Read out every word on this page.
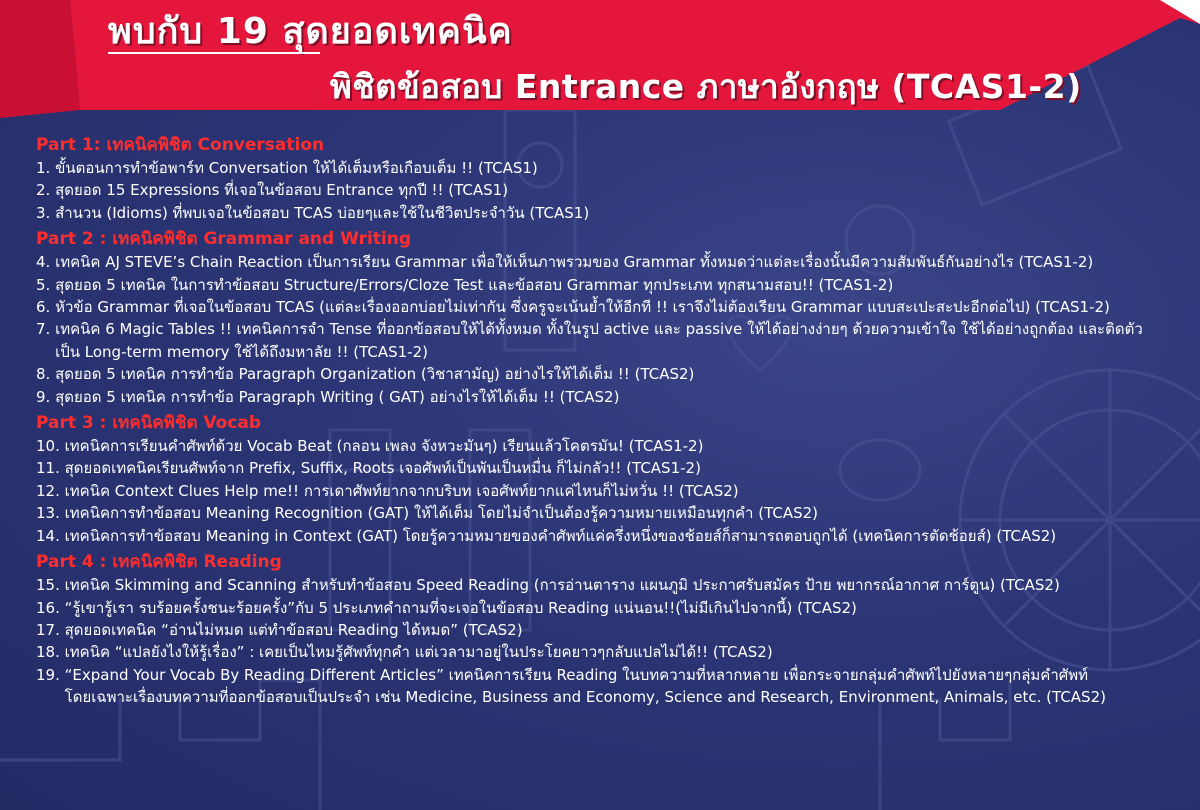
พบกับ 19 สุดยอดเทคนิค
พิชิตข้อสอบ Entrance ภาษาอังกฤษ (TCAS1-2)

Part 1: เทคนิคพิชิต Conversation

1.
ขั้นตอนการทำข้อพาร์ท Conversation ให้ได้เต็มหรือเกือบเต็ม !! (TCAS1)
2.
สุดยอด 15 Expressions ที่เจอในข้อสอบ Entrance ทุกปี !! (TCAS1)
3.
สำนวน (Idioms) ที่พบเจอในข้อสอบ TCAS บ่อยๆและใช้ในชีวิตประจำวัน (TCAS1)

Part 2 : เทคนิคพิชิต Grammar and Writing

4.
เทคนิค AJ STEVE’s Chain Reaction เป็นการเรียน Grammar เพื่อให้เห็นภาพรวมของ Grammar ทั้งหมดว่าแต่ละเรื่องนั้นมีความสัมพันธ์กันอย่างไร (TCAS1-2)
5.
สุดยอด 5 เทคนิค ในการทำข้อสอบ Structure/Errors/Cloze Test และข้อสอบ Grammar ทุกประเภท ทุกสนามสอบ!! (TCAS1-2)
6.
หัวข้อ Grammar ที่เจอในข้อสอบ TCAS (แต่ละเรื่องออกบ่อยไม่เท่ากัน ซึ่งครูจะเน้นย้ำให้อีกที !! เราจึงไม่ต้องเรียน Grammar แบบสะเปะสะปะอีกต่อไป) (TCAS1-2)
7.
เทคนิค 6 Magic Tables !! เทคนิคการจำ Tense ที่ออกข้อสอบให้ได้ทั้งหมด ทั้งในรูป active และ passive ให้ได้อย่างง่ายๆ ด้วยความเข้าใจ ใช้ได้อย่างถูกต้อง และติดตัว
เป็น Long-term memory ใช้ได้ถึงมหาลัย !! (TCAS1-2)
8.
สุดยอด 5 เทคนิค การทำข้อ Paragraph Organization (วิชาสามัญ) อย่างไรให้ได้เต็ม !! (TCAS2)
9.
สุดยอด 5 เทคนิค การทำข้อ Paragraph Writing ( GAT) อย่างไรให้ได้เต็ม !! (TCAS2)

Part 3 : เทคนิคพิชิต Vocab

10.
เทคนิคการเรียนคำศัพท์ด้วย Vocab Beat (กลอน เพลง จังหวะมันๆ) เรียนแล้วโคตรมัน! (TCAS1-2)
11.
สุดยอดเทคนิคเรียนศัพท์จาก Prefix, Suffix, Roots เจอศัพท์เป็นพันเป็นหมื่น ก็ไม่กลัว!! (TCAS1-2)
12.
เทคนิค Context Clues Help me!! การเดาศัพท์ยากจากบริบท เจอศัพท์ยากแค่ไหนก็ไม่หวั่น !! (TCAS2)
13.
เทคนิคการทำข้อสอบ Meaning Recognition (GAT) ให้ได้เต็ม โดยไม่จำเป็นต้องรู้ความหมายเหมือนทุกคำ (TCAS2)
14.
เทคนิคการทำข้อสอบ Meaning in Context (GAT) โดยรู้ความหมายของคำศัพท์แค่ครึ่งหนึ่งของช้อยส์ก็สามารถตอบถูกได้ (เทคนิคการตัดช้อยส์) (TCAS2)

Part 4 : เทคนิคพิชิต Reading

15.
เทคนิค Skimming and Scanning สำหรับทำข้อสอบ Speed Reading (การอ่านตาราง แผนภูมิ ประกาศรับสมัคร ป้าย พยากรณ์อากาศ การ์ตูน) (TCAS2)
16.
“รู้เขารู้เรา รบร้อยครั้งชนะร้อยครั้ง”กับ 5 ประเภทคำถามที่จะเจอในข้อสอบ Reading แน่นอน!!(ไม่มีเกินไปจากนี้) (TCAS2)
17.
สุดยอดเทคนิค “อ่านไม่หมด แต่ทำข้อสอบ Reading ได้หมด” (TCAS2)
18.
เทคนิค “แปลยังไงให้รู้เรื่อง” : เคยเป็นไหมรู้ศัพท์ทุกคำ แต่เวลามาอยู่ในประโยคยาวๆกลับแปลไม่ได้!! (TCAS2)
19.
“Expand Your Vocab By Reading Different Articles” เทคนิคการเรียน Reading ในบทความที่หลากหลาย เพื่อกระจายกลุ่มคำศัพท์ไปยังหลายๆกลุ่มคำศัพท์
โดยเฉพาะเรื่องบทความที่ออกข้อสอบเป็นประจำ เช่น Medicine, Business and Economy, Science and Research, Environment, Animals, etc. (TCAS2)
